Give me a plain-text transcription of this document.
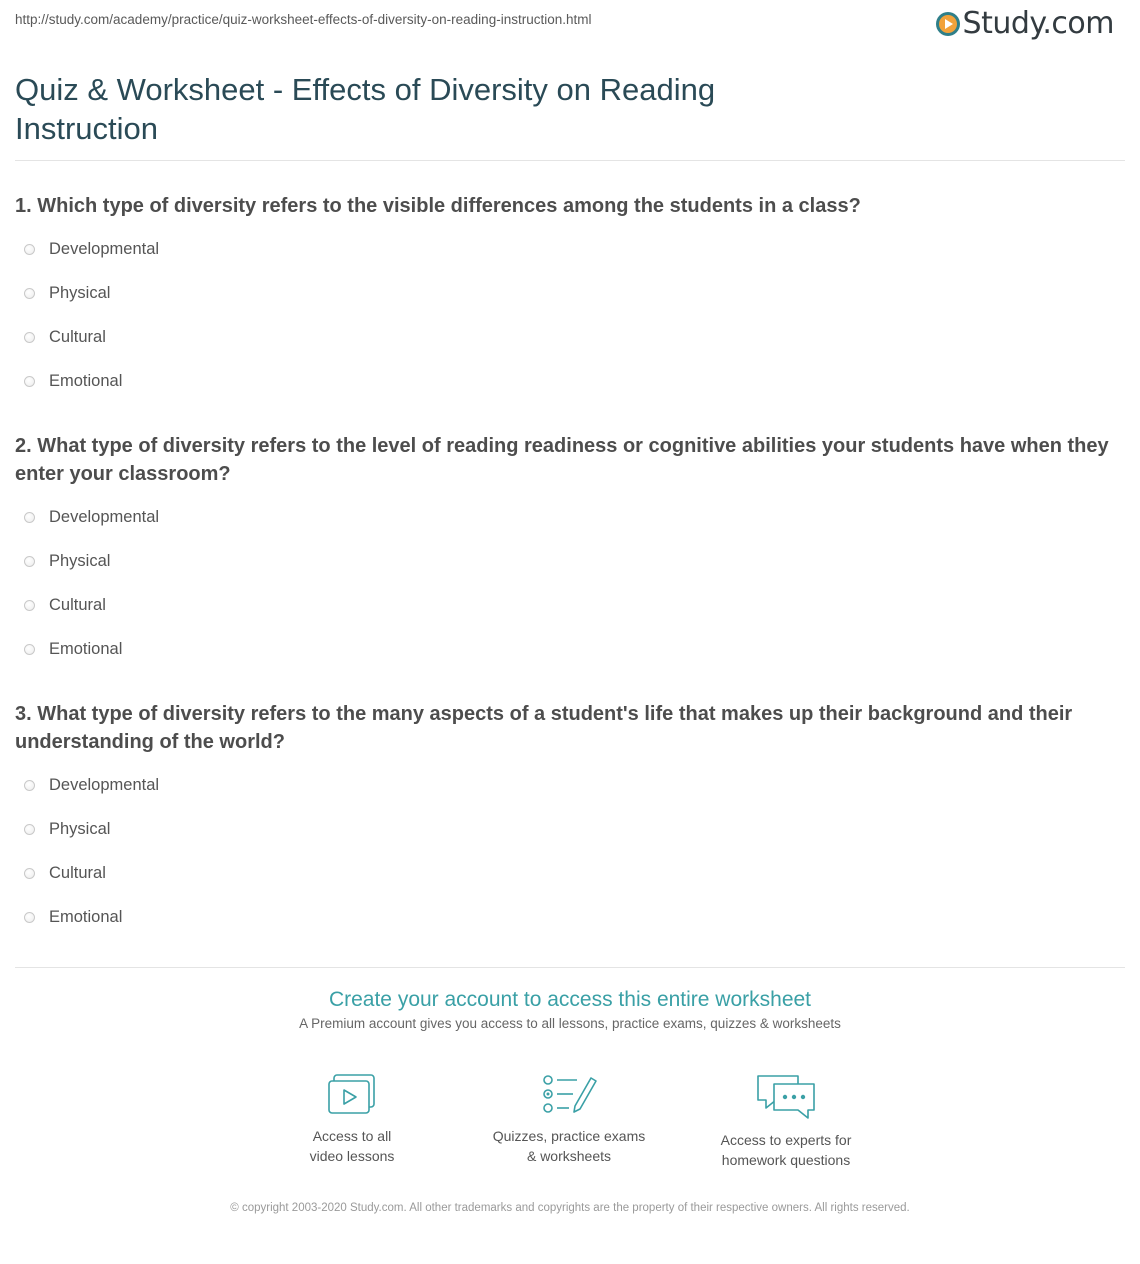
http://study.com/academy/practice/quiz-worksheet-effects-of-diversity-on-reading-instruction.html	Study.com
Quiz & Worksheet - Effects of Diversity on Reading Instruction
1. Which type of diversity refers to the visible differences among the students in a class?
Developmental
Physical
Cultural
Emotional
2. What type of diversity refers to the level of reading readiness or cognitive abilities your students have when they enter your classroom?
Developmental
Physical
Cultural
Emotional
3. What type of diversity refers to the many aspects of a student's life that makes up their background and their understanding of the world?
Developmental
Physical
Cultural
Emotional
Create your account to access this entire worksheet
A Premium account gives you access to all lessons, practice exams, quizzes & worksheets
Access to all
video lessons
Quizzes, practice exams
& worksheets
Access to experts for
homework questions
© copyright 2003-2020 Study.com. All other trademarks and copyrights are the property of their respective owners. All rights reserved.
